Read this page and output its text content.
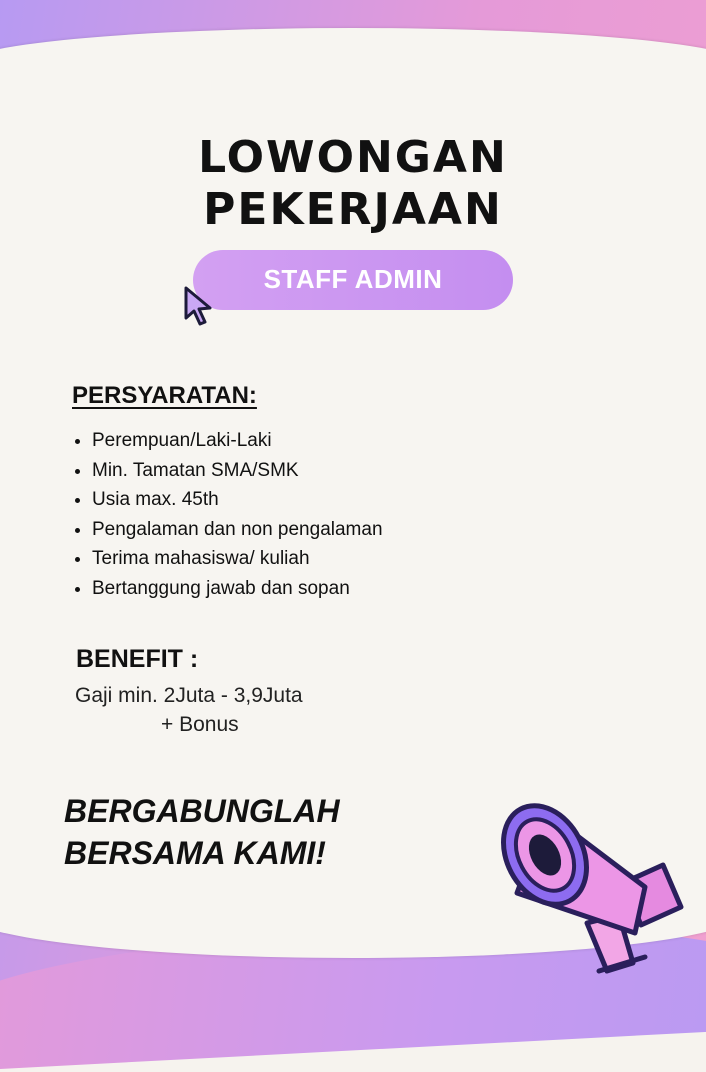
LOWONGAN
PEKERJAAN
STAFF ADMIN
PERSYARATAN:
• Perempuan/Laki-Laki
• Min. Tamatan SMA/SMK
• Usia max. 45th
• Pengalaman dan non pengalaman
• Terima mahasiswa/ kuliah
• Bertanggung jawab dan sopan
BENEFIT :
Gaji min. 2Juta - 3,9Juta
+ Bonus
BERGABUNGLAH
BERSAMA KAMI!
